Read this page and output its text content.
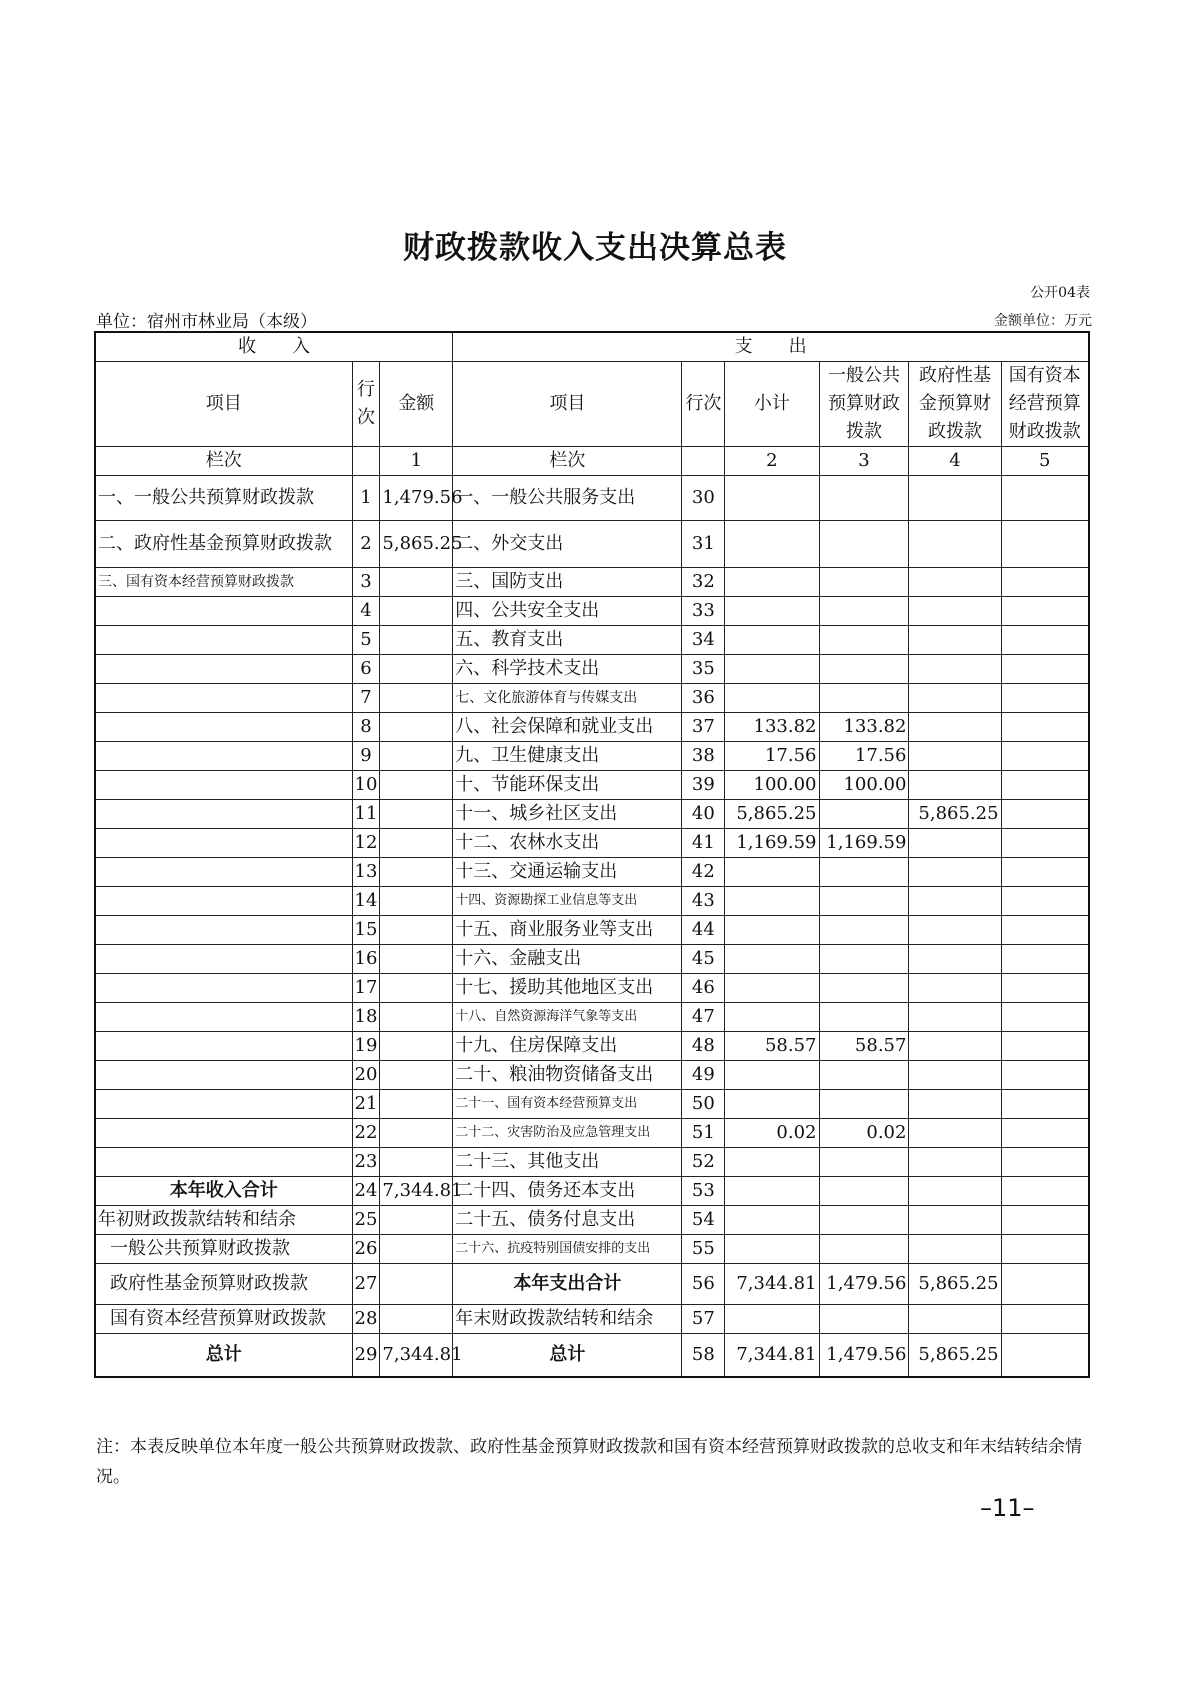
财政拨款收入支出决算总表
公开04表
单位：宿州市林业局（本级）	金额单位：万元
收　　入			支　　出					
项目	行次	金额	项目	行次	小计	一般公共预算财政拨款	政府性基金预算财政拨款	国有资本经营预算财政拨款
栏次		1	栏次		2	3	4	5
一、一般公共预算财政拨款	1	1,479.56	一、一般公共服务支出	30				
二、政府性基金预算财政拨款	2	5,865.25	二、外交支出	31				
三、国有资本经营预算财政拨款	3		三、国防支出	32				
	4		四、公共安全支出	33				
	5		五、教育支出	34				
	6		六、科学技术支出	35				
	7		七、文化旅游体育与传媒支出	36				
	8		八、社会保障和就业支出	37	133.82	133.82		
	9		九、卫生健康支出	38	17.56	17.56		
	10		十、节能环保支出	39	100.00	100.00		
	11		十一、城乡社区支出	40	5,865.25		5,865.25	
	12		十二、农林水支出	41	1,169.59	1,169.59		
	13		十三、交通运输支出	42				
	14		十四、资源勘探工业信息等支出	43				
	15		十五、商业服务业等支出	44				
	16		十六、金融支出	45				
	17		十七、援助其他地区支出	46				
	18		十八、自然资源海洋气象等支出	47				
	19		十九、住房保障支出	48	58.57	58.57		
	20		二十、粮油物资储备支出	49				
	21		二十一、国有资本经营预算支出	50				
	22		二十二、灾害防治及应急管理支出	51	0.02	0.02		
	23		二十三、其他支出	52				
本年收入合计	24	7,344.81	二十四、债务还本支出	53				
年初财政拨款结转和结余	25		二十五、债务付息支出	54				
一般公共预算财政拨款	26		二十六、抗疫特别国债安排的支出	55				
政府性基金预算财政拨款	27		本年支出合计	56	7,344.81	1,479.56	5,865.25	
国有资本经营预算财政拨款	28		年末财政拨款结转和结余	57				
总计	29	7,344.81	总计	58	7,344.81	1,479.56	5,865.25	
注：本表反映单位本年度一般公共预算财政拨款、政府性基金预算财政拨款和国有资本经营预算财政拨款的总收支和年末结转结余情况。
–11–
